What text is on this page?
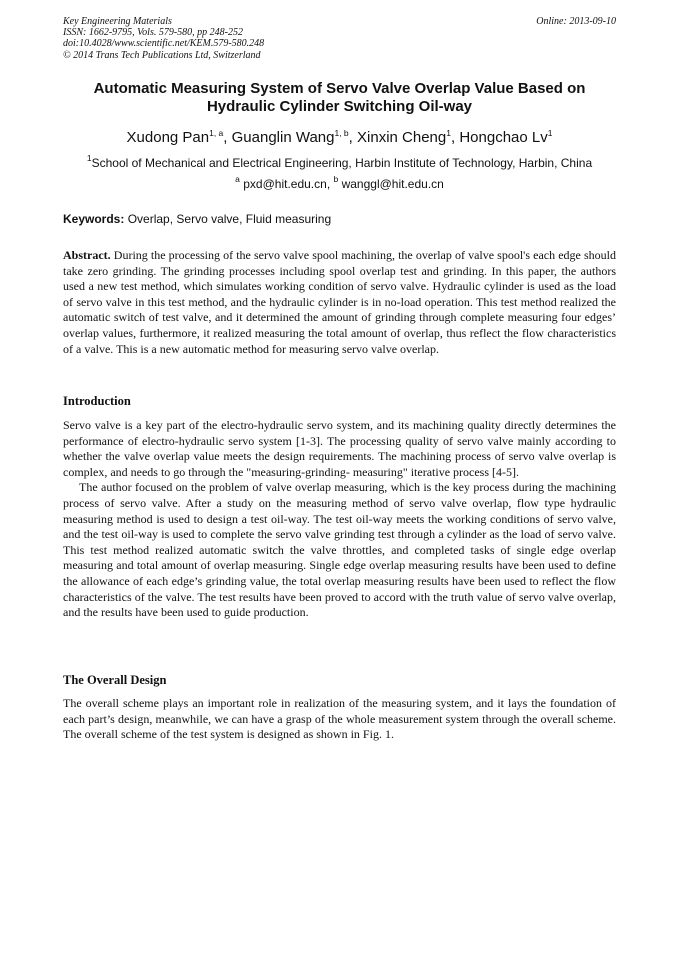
Key Engineering Materials
ISSN: 1662-9795, Vols. 579-580, pp 248-252
doi:10.4028/www.scientific.net/KEM.579-580.248
© 2014 Trans Tech Publications Ltd, Switzerland
Online: 2013-09-10
Automatic Measuring System of Servo Valve Overlap Value Based on Hydraulic Cylinder Switching Oil-way
Xudong Pan$^{1, a}$, Guanglin Wang$^{1, b}$, Xinxin Cheng$^1$, Hongchao Lv$^1$
$^1$School of Mechanical and Electrical Engineering, Harbin Institute of Technology, Harbin, China
$^a$ pxd@hit.edu.cn, $^b$ wanggl@hit.edu.cn
Keywords: Overlap, Servo valve, Fluid measuring
Abstract. During the processing of the servo valve spool machining, the overlap of valve spool's each edge should take zero grinding. The grinding processes including spool overlap test and grinding. In this paper, the authors used a new test method, which simulates working condition of servo valve. Hydraulic cylinder is used as the load of servo valve in this test method, and the hydraulic cylinder is in no-load operation. This test method realized the automatic switch of test valve, and it determined the amount of grinding through complete measuring four edges’ overlap values, furthermore, it realized measuring the total amount of overlap, thus reflect the flow characteristics of a valve. This is a new automatic method for measuring servo valve overlap.
Introduction

Servo valve is a key part of the electro-hydraulic servo system, and its machining quality directly determines the performance of electro-hydraulic servo system [1-3]. The processing quality of servo valve mainly according to whether the valve overlap value meets the design requirements. The machining process of servo valve overlap is complex, and needs to go through the "measuring-grinding- measuring" iterative process [4-5].

The author focused on the problem of valve overlap measuring, which is the key process during the machining process of servo valve. After a study on the measuring method of servo valve overlap, flow type hydraulic measuring method is used to design a test oil-way. The test oil-way meets the working conditions of servo valve, and the test oil-way is used to complete the servo valve grinding test through a cylinder as the load of servo valve. This test method realized automatic switch the valve throttles, and completed tasks of single edge overlap measuring and total amount of overlap measuring. Single edge overlap measuring results have been used to define the allowance of each edge’s grinding value, the total overlap measuring results have been used to reflect the flow characteristics of the valve. The test results have been proved to accord with the truth value of servo valve overlap, and the results have been used to guide production.

The Overall Design

The overall scheme plays an important role in realization of the measuring system, and it lays the foundation of each part’s design, meanwhile, we can have a grasp of the whole measurement system through the overall scheme. The overall scheme of the test system is designed as shown in Fig. 1.
